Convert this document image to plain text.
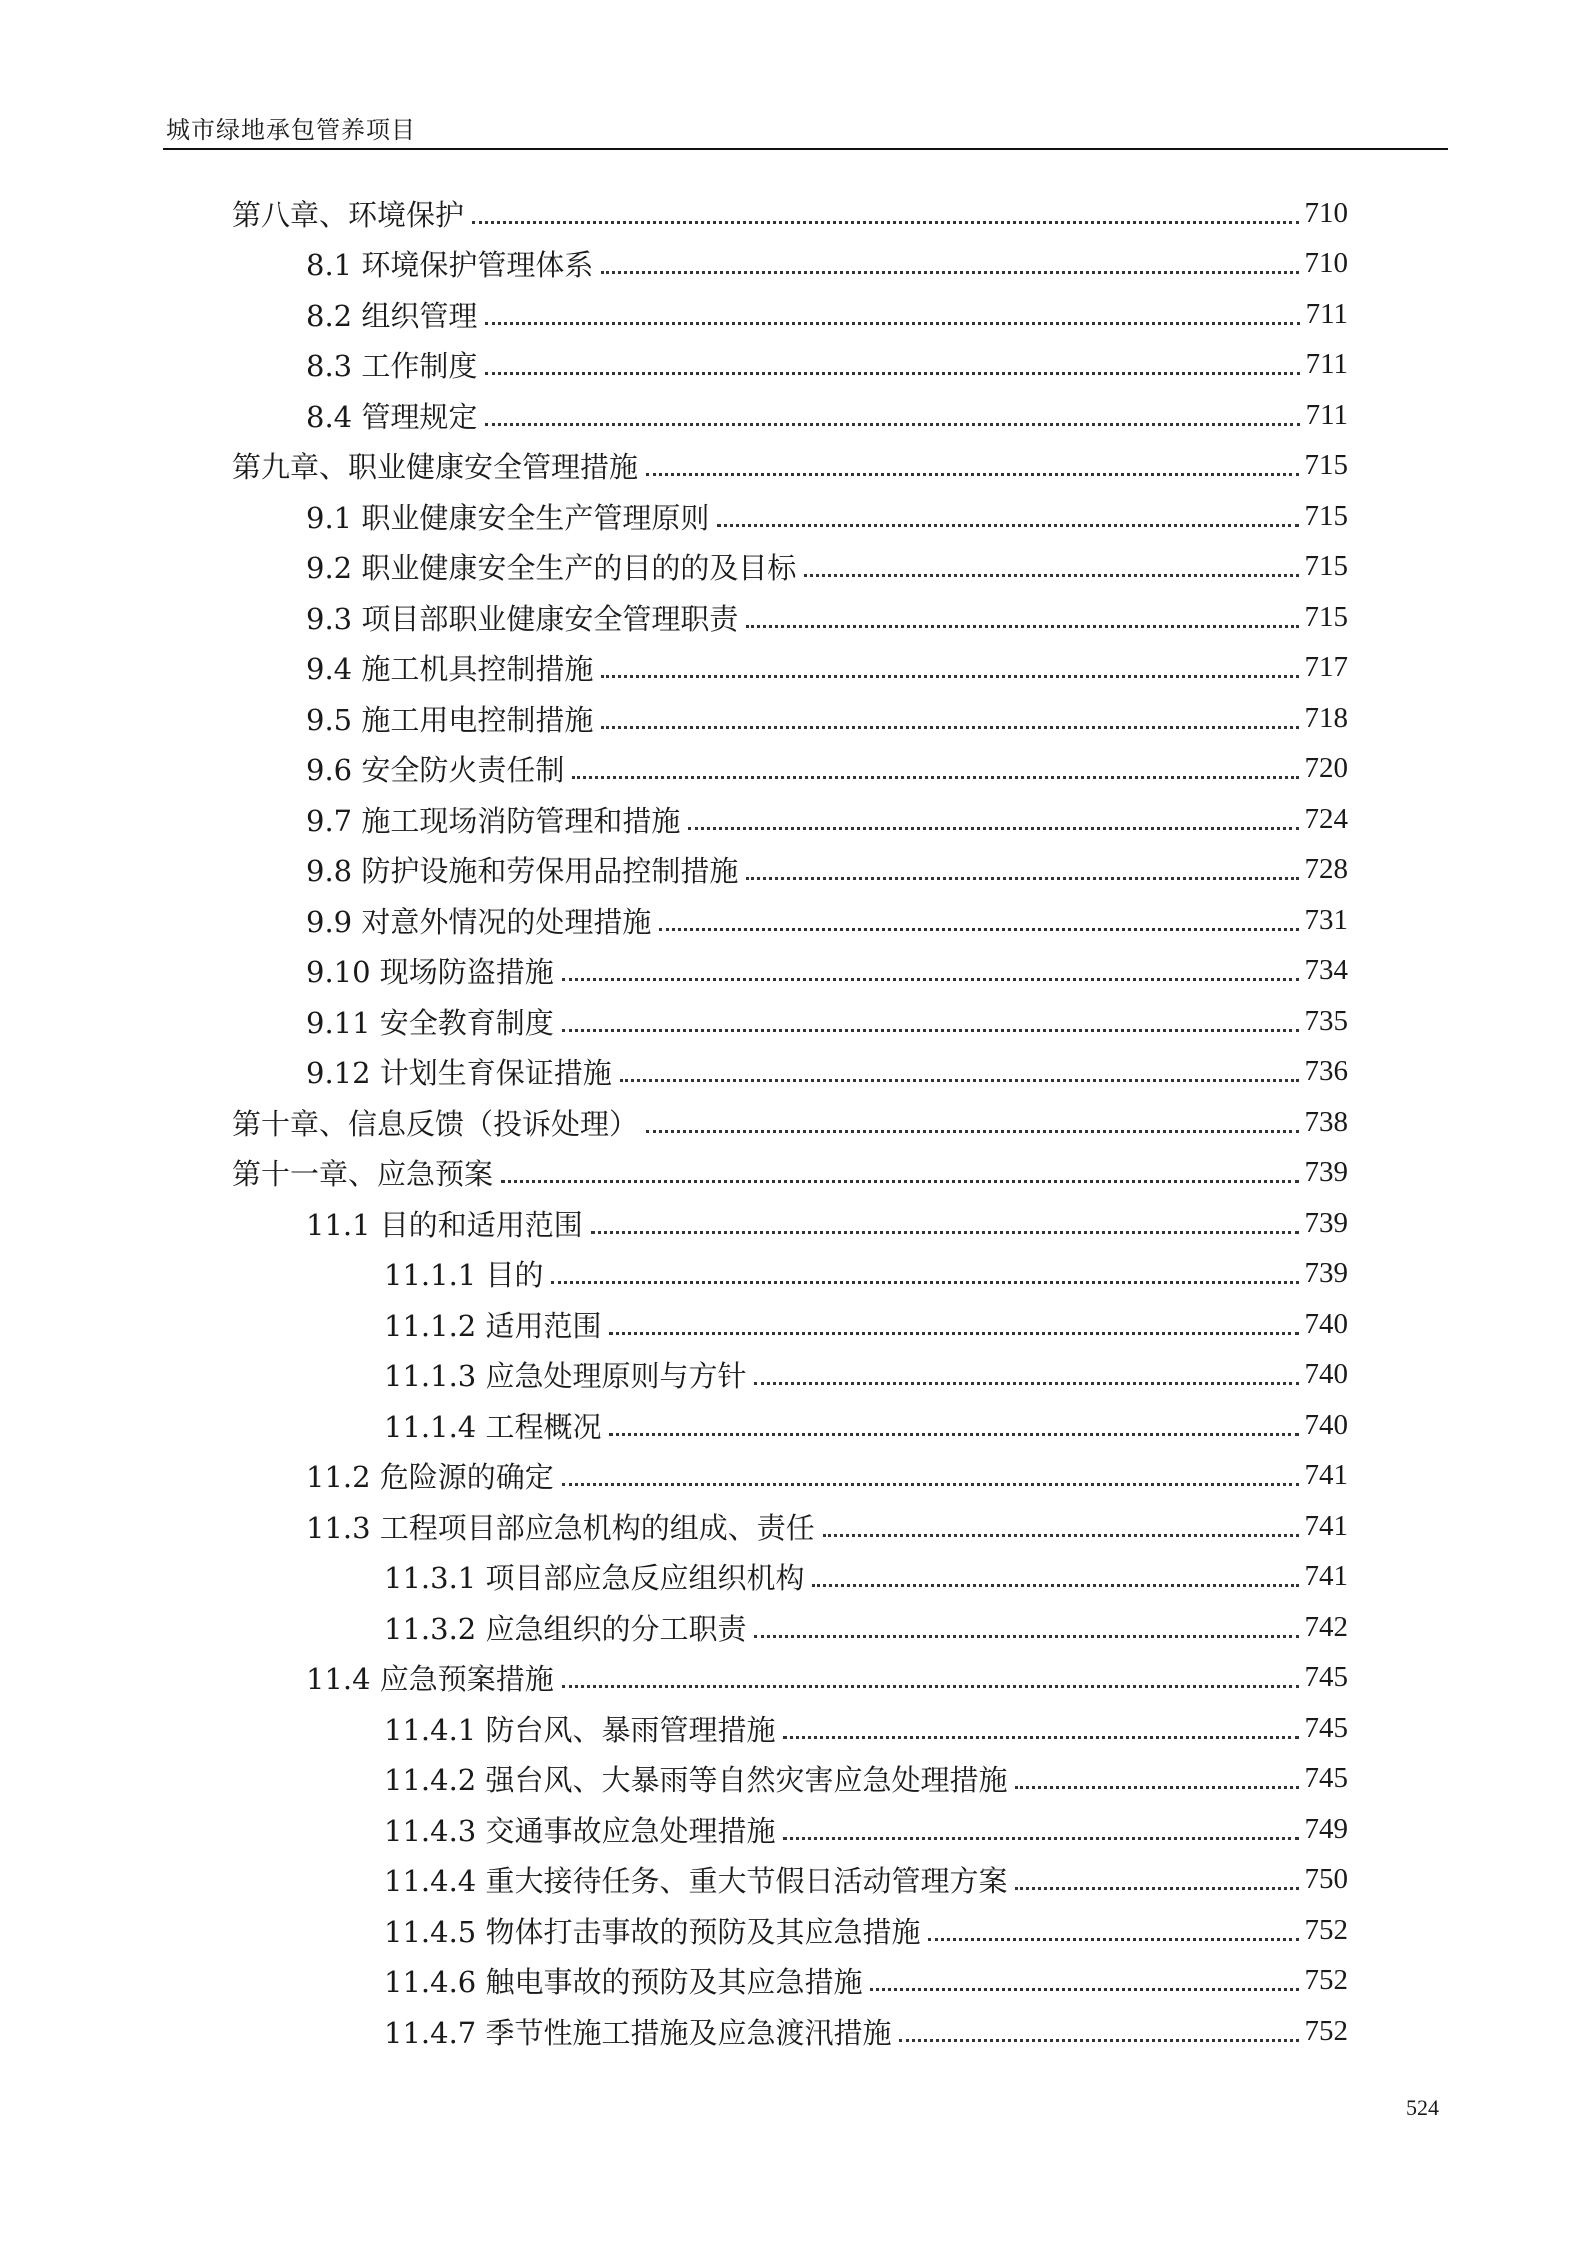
城市绿地承包管养项目
第八章、环境保护	710
8.1 环境保护管理体系	710
8.2 组织管理	711
8.3 工作制度	711
8.4 管理规定	711
第九章、职业健康安全管理措施	715
9.1 职业健康安全生产管理原则	715
9.2 职业健康安全生产的目的的及目标	715
9.3 项目部职业健康安全管理职责	715
9.4 施工机具控制措施	717
9.5 施工用电控制措施	718
9.6 安全防火责任制	720
9.7 施工现场消防管理和措施	724
9.8 防护设施和劳保用品控制措施	728
9.9 对意外情况的处理措施	731
9.10 现场防盗措施	734
9.11 安全教育制度	735
9.12 计划生育保证措施	736
第十章、信息反馈（投诉处理）	738
第十一章、应急预案	739
11.1 目的和适用范围	739
11.1.1 目的	739
11.1.2 适用范围	740
11.1.3 应急处理原则与方针	740
11.1.4 工程概况	740
11.2 危险源的确定	741
11.3 工程项目部应急机构的组成、责任	741
11.3.1 项目部应急反应组织机构	741
11.3.2 应急组织的分工职责	742
11.4 应急预案措施	745
11.4.1 防台风、暴雨管理措施	745
11.4.2 强台风、大暴雨等自然灾害应急处理措施	745
11.4.3 交通事故应急处理措施	749
11.4.4 重大接待任务、重大节假日活动管理方案	750
11.4.5 物体打击事故的预防及其应急措施	752
11.4.6 触电事故的预防及其应急措施	752
11.4.7 季节性施工措施及应急渡汛措施	752
524
